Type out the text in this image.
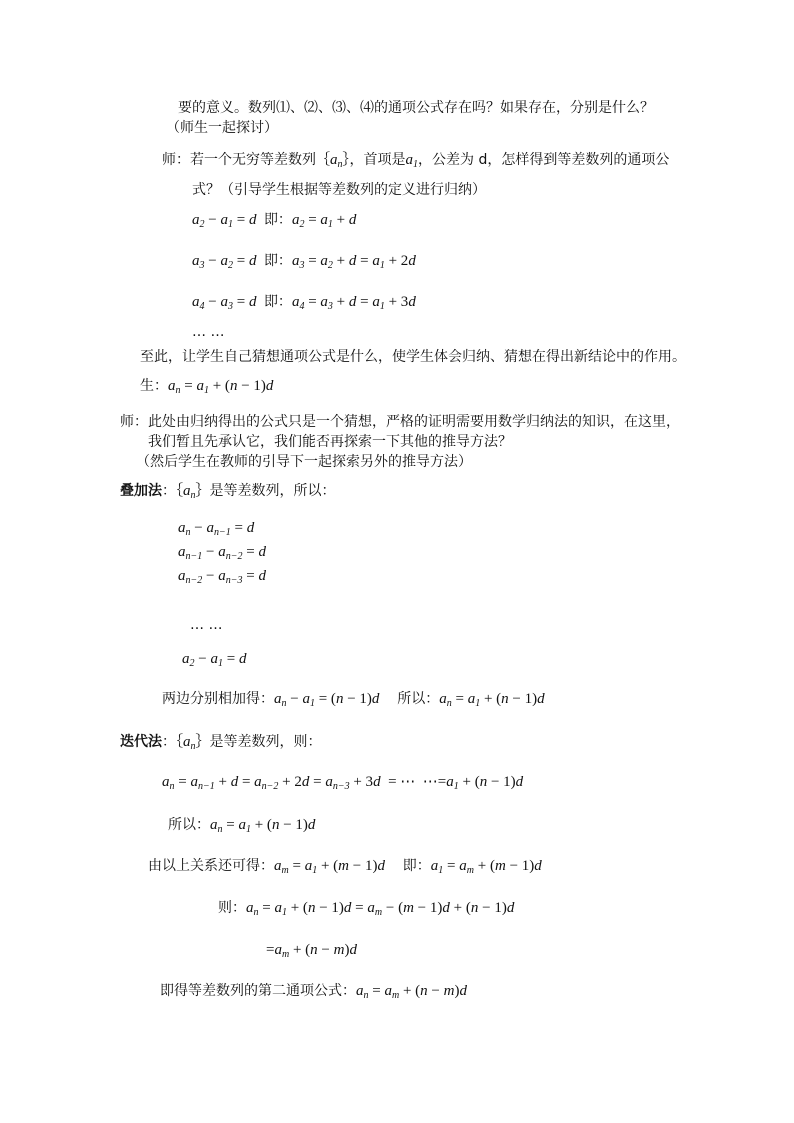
要的意义。数列⑴、⑵、⑶、⑷的通项公式存在吗？如果存在，分别是什么？
（师生一起探讨）
师：若一个无穷等差数列$\{a_n\}$，首项是$a_1$，公差为 d，怎样得到等差数列的通项公
式？（引导学生根据等差数列的定义进行归纳）
$a_2 - a_1 = d$ 即：$a_2 = a_1 + d$
$a_3 - a_2 = d$ 即：$a_3 = a_2 + d = a_1 + 2d$
$a_4 - a_3 = d$ 即：$a_4 = a_3 + d = a_1 + 3d$
… …
至此，让学生自己猜想通项公式是什么，使学生体会归纳、猜想在得出新结论中的作用。
生：$a_n = a_1 + (n - 1)d$
师：此处由归纳得出的公式只是一个猜想，严格的证明需要用数学归纳法的知识，在这里，
我们暂且先承认它，我们能否再探索一下其他的推导方法？
（然后学生在教师的引导下一起探索另外的推导方法）
叠加法：$\{a_n\}$是等差数列，所以：
$a_n - a_{n-1} = d$
$a_{n-1} - a_{n-2} = d$
$a_{n-2} - a_{n-3} = d$
… …
$a_2 - a_1 = d$
两边分别相加得：$a_n - a_1 = (n - 1)d$ 所以：$a_n = a_1 + (n - 1)d$
迭代法：$\{a_n\}$是等差数列，则：
$a_n = a_{n-1} + d = a_{n-2} + 2d = a_{n-3} + 3d$  = ⋯  $\cdots=a_1 + (n - 1)d$
所以：$a_n = a_1 + (n - 1)d$
由以上关系还可得：$a_m = a_1 + (m - 1)d$ 即：$a_1 = a_m + (m - 1)d$
则：$a_n = a_1 + (n - 1)d = a_m - (m - 1)d + (n - 1)d$
$=a_m + (n - m)d$
即得等差数列的第二通项公式：$a_n = a_m + (n - m)d$
